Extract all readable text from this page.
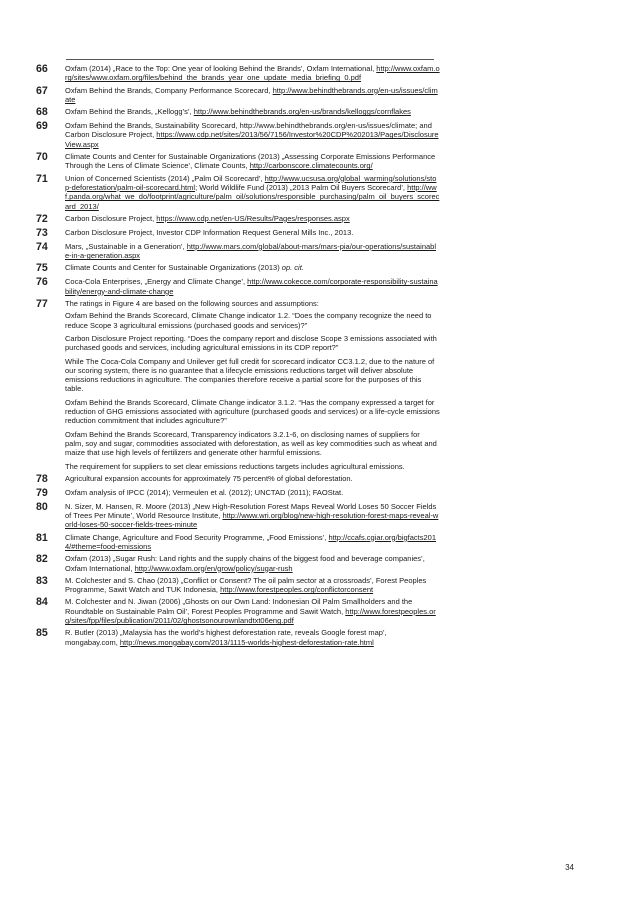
66	Oxfam (2014) „Race to the Top: One year of looking Behind the Brands’, Oxfam International, http://www.oxfam.org/sites/www.oxfam.org/files/behind_the_brands_year_one_update_media_briefing_0.pdf
67	Oxfam Behind the Brands, Company Performance Scorecard, http://www.behindthebrands.org/en-us/issues/climate
68	Oxfam Behind the Brands, „Kellogg’s’, http://www.behindthebrands.org/en-us/brands/kelloggs/cornflakes
69	Oxfam Behind the Brands, Sustainability Scorecard, http://www.behindthebrands.org/en-us/issues/climate; and Carbon Disclosure Project, https://www.cdp.net/sites/2013/56/7156/Investor%20CDP%202013/Pages/DisclosureView.aspx
70	Climate Counts and Center for Sustainable Organizations (2013) „Assessing Corporate Emissions Performance Through the Lens of Climate Science’, Climate Counts, http://carbonscore.climatecounts.org/
71	Union of Concerned Scientists (2014) „Palm Oil Scorecard’, http://www.ucsusa.org/global_warming/solutions/stop-deforestation/palm-oil-scorecard.html; World Wildlife Fund (2013) „2013 Palm Oil Buyers Scorecard’, http://wwf.panda.org/what_we_do/footprint/agriculture/palm_oil/solutions/responsible_purchasing/palm_oil_buyers_scorecard_2013/
72	Carbon Disclosure Project, https://www.cdp.net/en-US/Results/Pages/responses.aspx
73	Carbon Disclosure Project, Investor CDP Information Request General Mills Inc., 2013.
74	Mars, „Sustainable in a Generation’, http://www.mars.com/global/about-mars/mars-pia/our-operations/sustainable-in-a-generation.aspx
75	Climate Counts and Center for Sustainable Organizations (2013) op. cit.
76	Coca-Cola Enterprises, „Energy and Climate Change’, http://www.cokecce.com/corporate-responsibility-sustainability/energy-and-climate-change
77	The ratings in Figure 4 are based on the following sources and assumptions:
Oxfam Behind the Brands Scorecard, Climate Change indicator 1.2. “Does the company recognize the need to reduce Scope 3 agricultural emissions (purchased goods and services)?”
Carbon Disclosure Project reporting. “Does the company report and disclose Scope 3 emissions associated with purchased goods and services, including agricultural emissions in its CDP report?”
While The Coca-Cola Company and Unilever get full credit for scorecard indicator CC3.1.2, due to the nature of our scoring system, there is no guarantee that a lifecycle emissions reductions target will deliver absolute emissions reductions in agriculture. The companies therefore receive a partial score for the purposes of this table.
Oxfam Behind the Brands Scorecard, Climate Change indicator 3.1.2. “Has the company expressed a target for reduction of GHG emissions associated with agriculture (purchased goods and services) or a life-cycle emissions reduction commitment that includes agriculture?”
Oxfam Behind the Brands Scorecard, Transparency indicators 3.2.1-6, on disclosing names of suppliers for palm, soy and sugar, commodities associated with deforestation, as well as key commodities such as wheat and maize that use high levels of fertilizers and generate other harmful emissions.
The requirement for suppliers to set clear emissions reductions targets includes agricultural emissions.
78	Agricultural expansion accounts for approximately 75 percent% of global deforestation.
79	Oxfam analysis of IPCC (2014); Vermeulen et al. (2012); UNCTAD (2011); FAOStat.
80	N. Sizer, M. Hansen, R. Moore (2013) „New High-Resolution Forest Maps Reveal World Loses 50 Soccer Fields of Trees Per Minute’, World Resource Institute, http://www.wri.org/blog/new-high-resolution-forest-maps-reveal-world-loses-50-soccer-fields-trees-minute
81	Climate Change, Agriculture and Food Security Programme, „Food Emissions’, http://ccafs.cgiar.org/bigfacts2014/#theme=food-emissions
82	Oxfam (2013) „Sugar Rush: Land rights and the supply chains of the biggest food and beverage companies’, Oxfam International, http://www.oxfam.org/en/grow/policy/sugar-rush
83	M. Colchester and S. Chao (2013) „Conflict or Consent? The oil palm sector at a crossroads’, Forest Peoples Programme, Sawit Watch and TUK Indonesia, http://www.forestpeoples.org/conflictorconsent
84	M. Colchester and N. Jiwan (2006) „Ghosts on our Own Land: Indonesian Oil Palm Smallholders and the Roundtable on Sustainable Palm Oil’, Forest Peoples Programme and Sawit Watch, http://www.forestpeoples.org/sites/fpp/files/publication/2011/02/ghostsonourownlandtxt06eng.pdf
85	R. Butler (2013) „Malaysia has the world’s highest deforestation rate, reveals Google forest map’, mongabay.com, http://news.mongabay.com/2013/1115-worlds-highest-deforestation-rate.html
34
